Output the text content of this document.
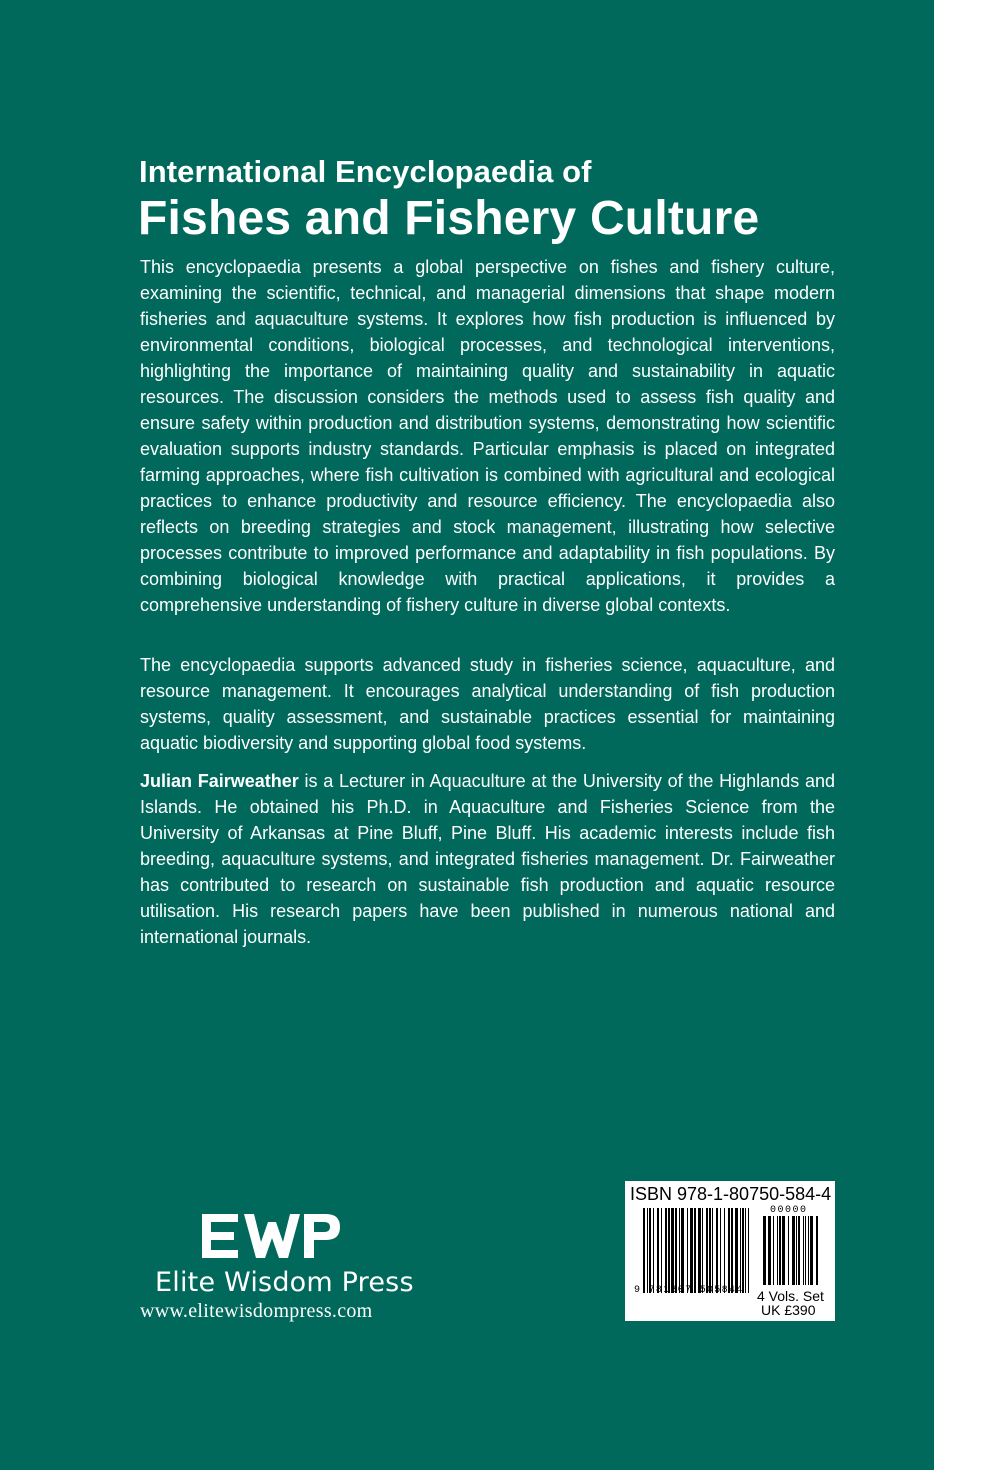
International Encyclopaedia of
Fishes and Fishery Culture

This encyclopaedia presents a global perspective on fishes and fishery culture, examining the scientific, technical, and managerial dimensions that shape modern fisheries and aquaculture systems. It explores how fish production is influenced by environmental conditions, biological processes, and technological interventions, highlighting the importance of maintaining quality and sustainability in aquatic resources. The discussion considers the methods used to assess fish quality and ensure safety within production and distribution systems, demonstrating how scientific evaluation supports industry standards. Particular emphasis is placed on integrated farming approaches, where fish cultivation is combined with agricultural and ecological practices to enhance productivity and resource efficiency. The encyclopaedia also reflects on breeding strategies and stock management, illustrating how selective processes contribute to improved performance and adaptability in fish populations. By combining biological knowledge with practical applications, it provides a comprehensive understanding of fishery culture in diverse global contexts.

The encyclopaedia supports advanced study in fisheries science, aquaculture, and resource management. It encourages analytical understanding of fish production systems, quality assessment, and sustainable practices essential for maintaining aquatic biodiversity and supporting global food systems.

Julian Fairweather is a Lecturer in Aquaculture at the University of the Highlands and Islands. He obtained his Ph.D. in Aquaculture and Fisheries Science from the University of Arkansas at Pine Bluff, Pine Bluff. His academic interests include fish breeding, aquaculture systems, and integrated fisheries management. Dr. Fairweather has contributed to research on sustainable fish production and aquatic resource utilisation. His research papers have been published in numerous national and international journals.

Elite Wisdom Press
www.elitewisdompress.com
ISBN 978-1-80750-584-4
9 781807 505844
00000
4 Vols. Set
UK £390
